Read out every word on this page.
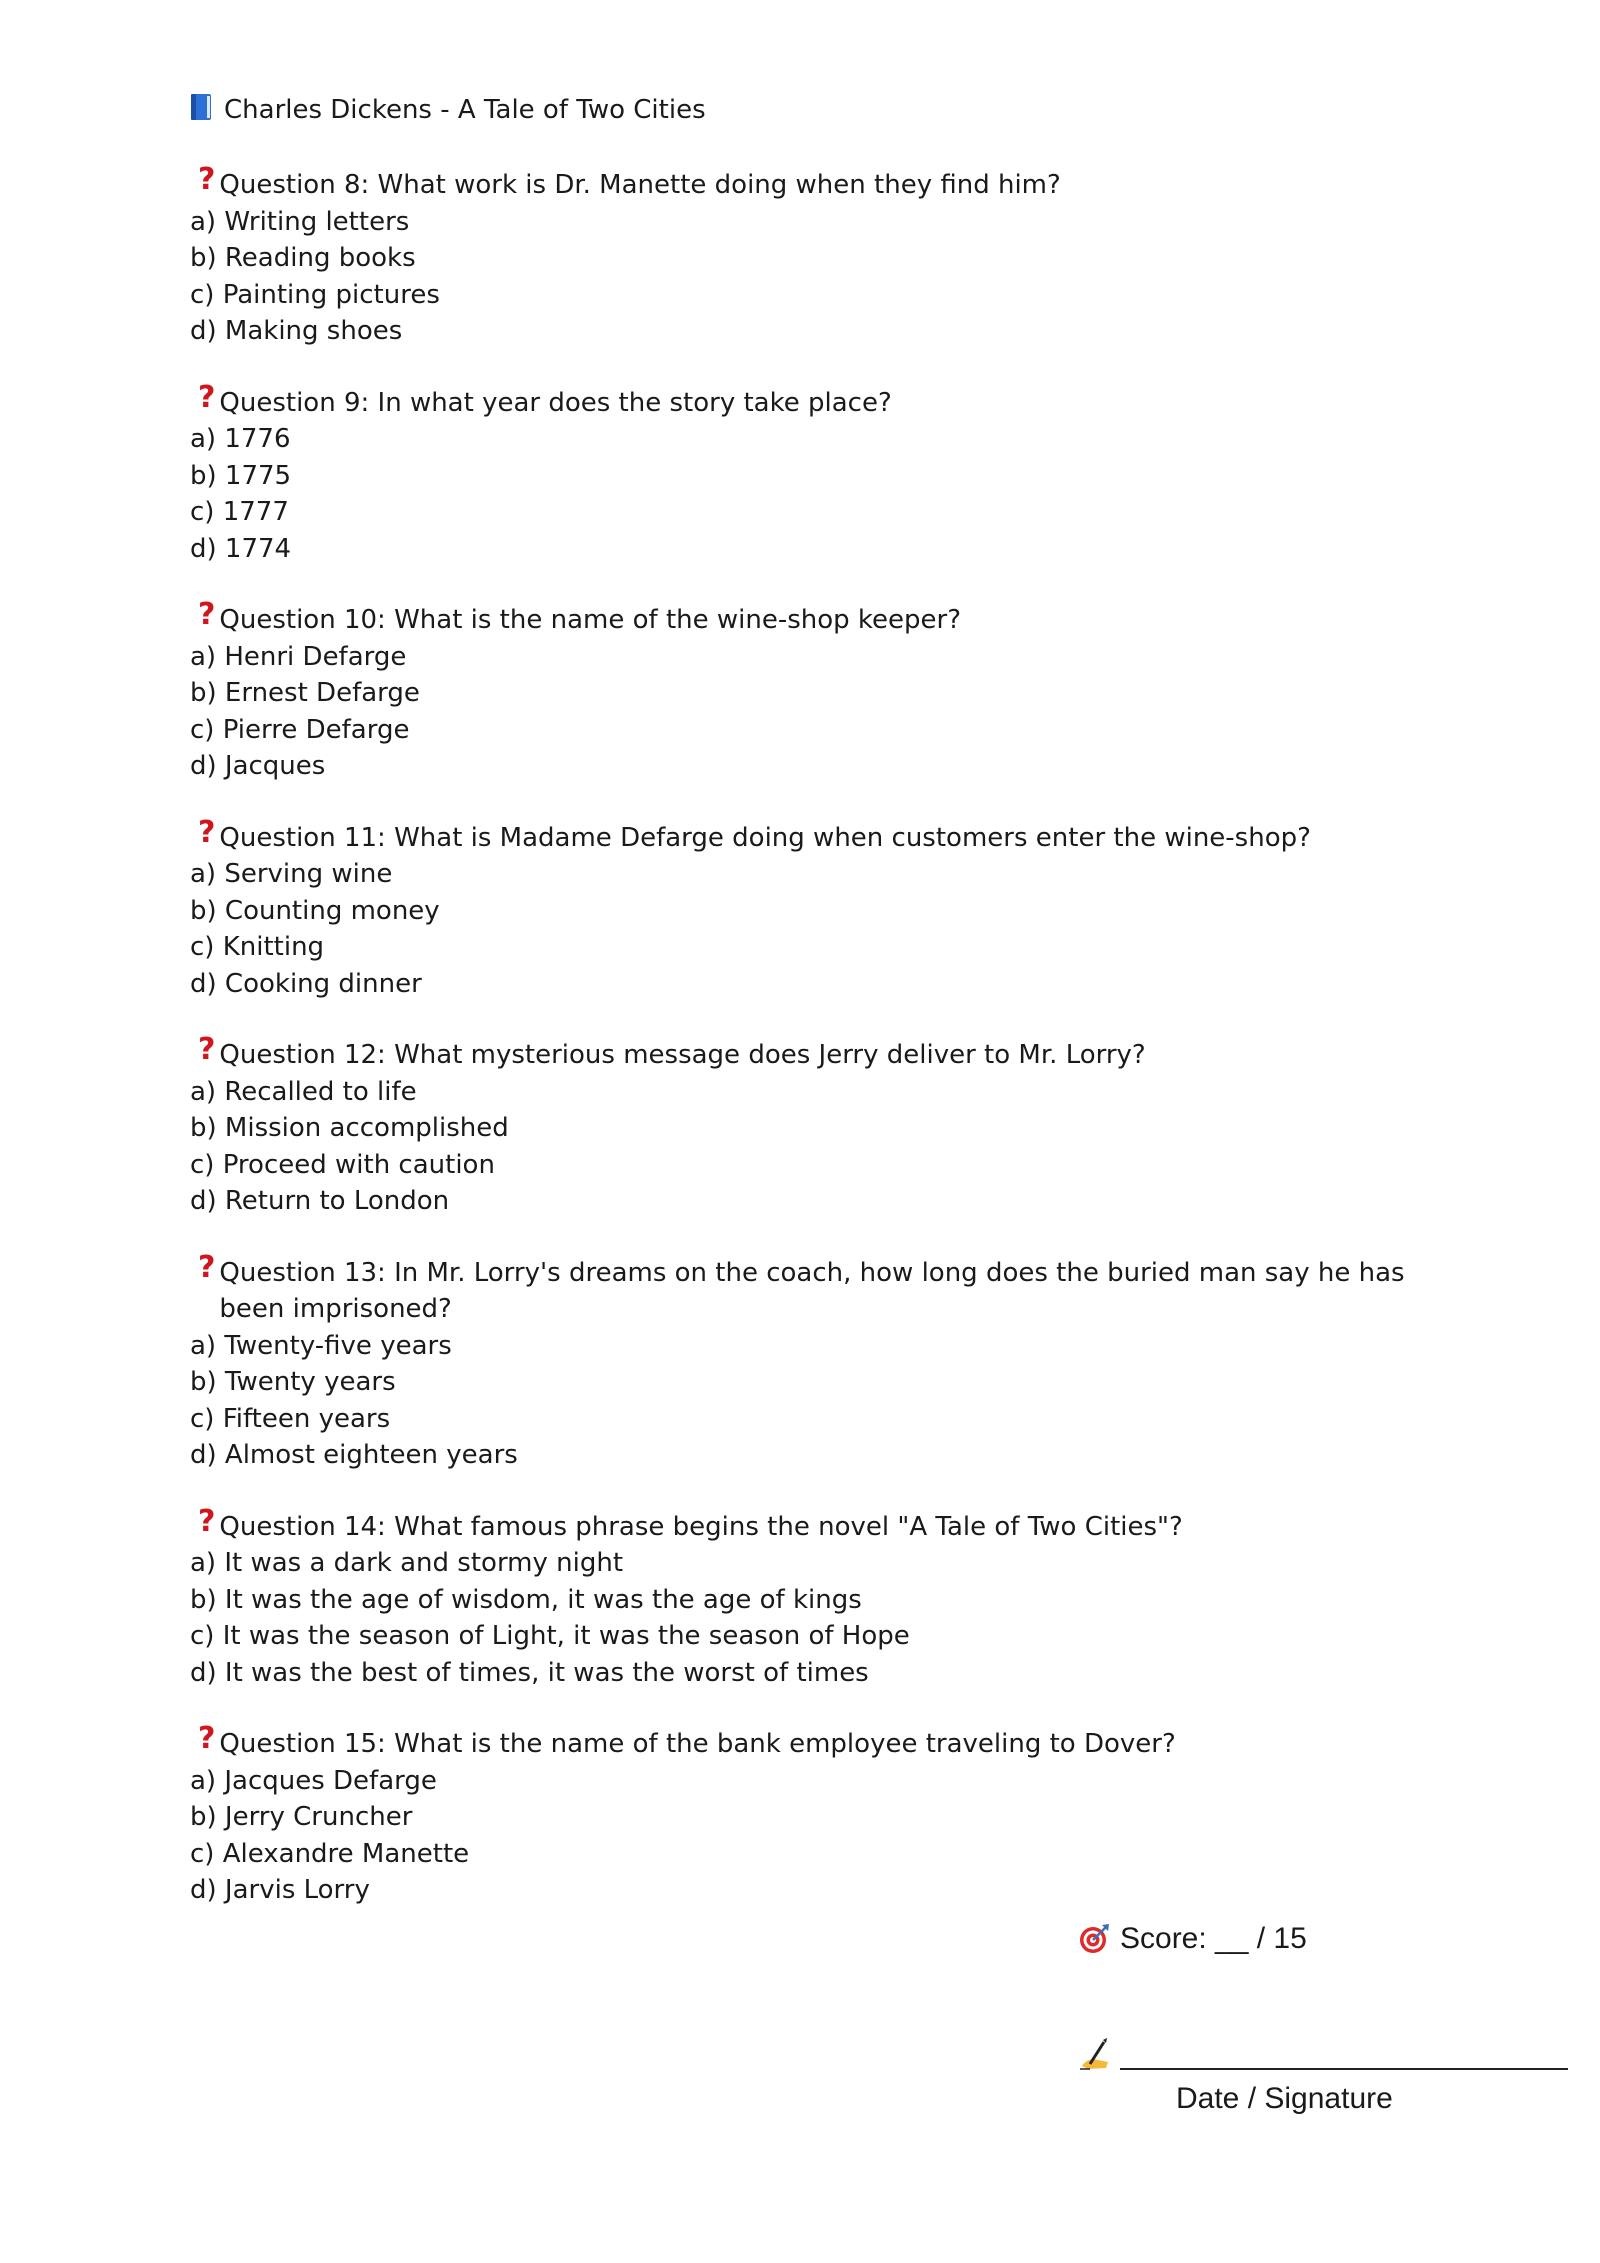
Charles Dickens - A Tale of Two Cities
? Question 8: What work is Dr. Manette doing when they find him?
a) Writing letters
b) Reading books
c) Painting pictures
d) Making shoes
? Question 9: In what year does the story take place?
a) 1776
b) 1775
c) 1777
d) 1774
? Question 10: What is the name of the wine-shop keeper?
a) Henri Defarge
b) Ernest Defarge
c) Pierre Defarge
d) Jacques
? Question 11: What is Madame Defarge doing when customers enter the wine-shop?
a) Serving wine
b) Counting money
c) Knitting
d) Cooking dinner
? Question 12: What mysterious message does Jerry deliver to Mr. Lorry?
a) Recalled to life
b) Mission accomplished
c) Proceed with caution
d) Return to London
? Question 13: In Mr. Lorry's dreams on the coach, how long does the buried man say he has been imprisoned?
a) Twenty-five years
b) Twenty years
c) Fifteen years
d) Almost eighteen years
? Question 14: What famous phrase begins the novel "A Tale of Two Cities"?
a) It was a dark and stormy night
b) It was the age of wisdom, it was the age of kings
c) It was the season of Light, it was the season of Hope
d) It was the best of times, it was the worst of times
? Question 15: What is the name of the bank employee traveling to Dover?
a) Jacques Defarge
b) Jerry Cruncher
c) Alexandre Manette
d) Jarvis Lorry
Score: __ / 15
Date / Signature
